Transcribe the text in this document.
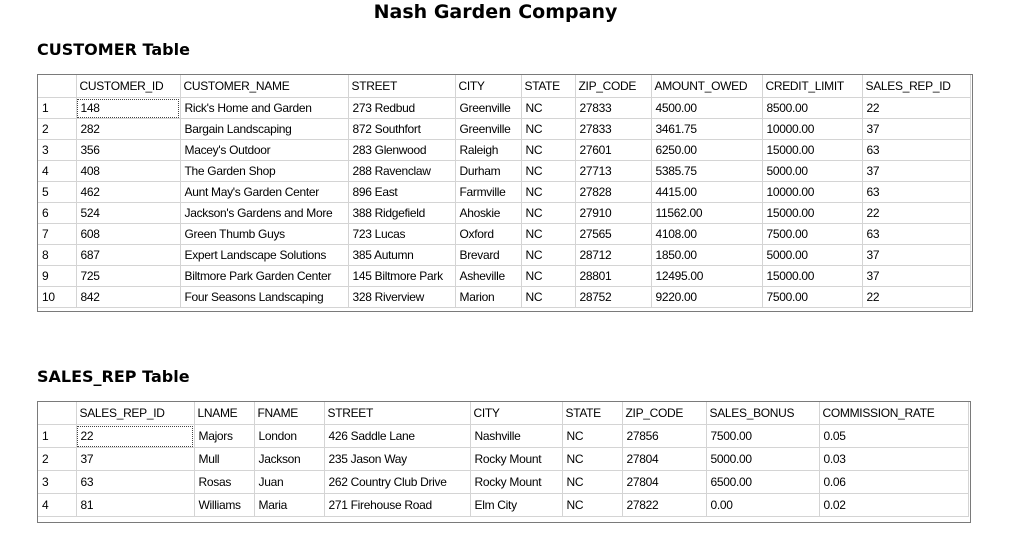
Nash Garden Company
CUSTOMER Table
	CUSTOMER_ID	CUSTOMER_NAME	STREET	CITY	STATE	ZIP_CODE	AMOUNT_OWED	CREDIT_LIMIT	SALES_REP_ID
1	148	Rick's Home and Garden	273 Redbud	Greenville	NC	27833	4500.00	8500.00	22
2	282	Bargain Landscaping	872 Southfort	Greenville	NC	27833	3461.75	10000.00	37
3	356	Macey's Outdoor	283 Glenwood	Raleigh	NC	27601	6250.00	15000.00	63
4	408	The Garden Shop	288 Ravenclaw	Durham	NC	27713	5385.75	5000.00	37
5	462	Aunt May's Garden Center	896 East	Farmville	NC	27828	4415.00	10000.00	63
6	524	Jackson's Gardens and More	388 Ridgefield	Ahoskie	NC	27910	11562.00	15000.00	22
7	608	Green Thumb Guys	723 Lucas	Oxford	NC	27565	4108.00	7500.00	63
8	687	Expert Landscape Solutions	385 Autumn	Brevard	NC	28712	1850.00	5000.00	37
9	725	Biltmore Park Garden Center	145 Biltmore Park	Asheville	NC	28801	12495.00	15000.00	37
10	842	Four Seasons Landscaping	328 Riverview	Marion	NC	28752	9220.00	7500.00	22
SALES_REP Table
	SALES_REP_ID	LNAME	FNAME	STREET	CITY	STATE	ZIP_CODE	SALES_BONUS	COMMISSION_RATE
1	22	Majors	London	426 Saddle Lane	Nashville	NC	27856	7500.00	0.05
2	37	Mull	Jackson	235 Jason Way	Rocky Mount	NC	27804	5000.00	0.03
3	63	Rosas	Juan	262 Country Club Drive	Rocky Mount	NC	27804	6500.00	0.06
4	81	Williams	Maria	271 Firehouse Road	Elm City	NC	27822	0.00	0.02
